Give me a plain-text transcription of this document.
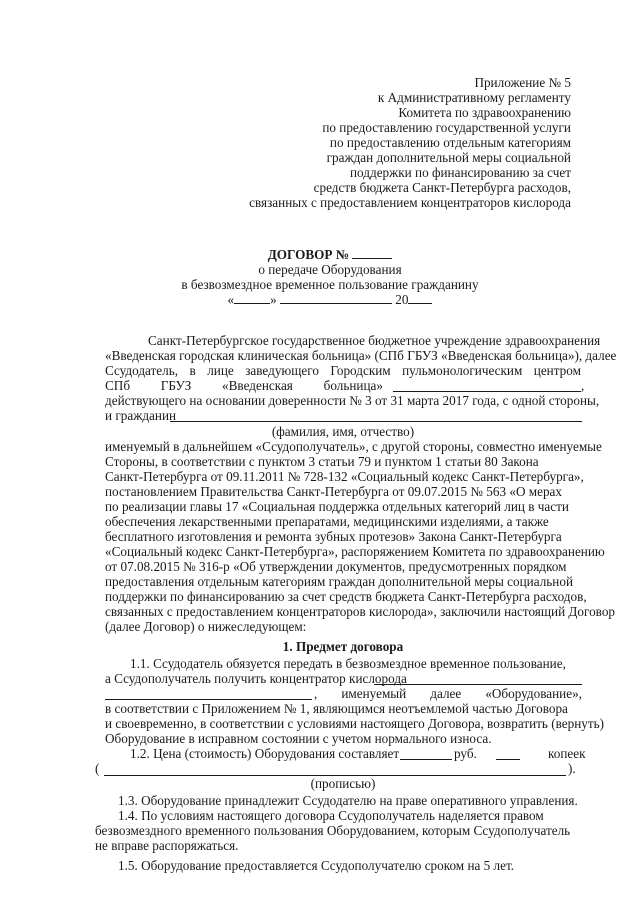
Приложение № 5
к Административному регламенту
Комитета по здравоохранению
по предоставлению государственной услуги
по предоставлению отдельным категориям
граждан дополнительной меры социальной
поддержки по финансированию за счет
средств бюджета Санкт-Петербурга расходов,
связанных с предоставлением концентраторов кислорода
ДОГОВОР №
о передаче Оборудования
в безвозмездное временное пользование гражданину
«	»	20
Санкт-Петербургское государственное бюджетное учреждение здравоохранения
«Введенская городская клиническая больница» (СПб ГБУЗ «Введенская больница»), далее
Ссудодатель, в лице заведующего Городским пульмонологическим центром
СПб ГБУЗ «Введенская больница»	,
действующего на основании доверенности № 3 от 31 марта 2017 года, с одной стороны,
и гражданин
(фамилия, имя, отчество)
именуемый в дальнейшем «Ссудополучатель», с другой стороны, совместно именуемые
Стороны, в соответствии с пунктом 3 статьи 79 и пунктом 1 статьи 80 Закона
Санкт-Петербурга от 09.11.2011 № 728-132 «Социальный кодекс Санкт-Петербурга»,
постановлением Правительства Санкт-Петербурга от 09.07.2015 № 563 «О мерах
по реализации главы 17 «Социальная поддержка отдельных категорий лиц в части
обеспечения лекарственными препаратами, медицинскими изделиями, а также
бесплатного изготовления и ремонта зубных протезов» Закона Санкт-Петербурга
«Социальный кодекс Санкт-Петербурга», распоряжением Комитета по здравоохранению
от 07.08.2015 № 316-р «Об утверждении документов, предусмотренных порядком
предоставления отдельным категориям граждан дополнительной меры социальной
поддержки по финансированию за счет средств бюджета Санкт-Петербурга расходов,
связанных с предоставлением концентраторов кислорода», заключили настоящий Договор
(далее Договор) о нижеследующем:
1. Предмет договора
1.1. Ссудодатель обязуется передать в безвозмездное временное пользование,
а Ссудополучатель получить концентратор кислорода
, именуемый далее «Оборудование»,
в соответствии с Приложением № 1, являющимся неотъемлемой частью Договора
и своевременно, в соответствии с условиями настоящего Договора, возвратить (вернуть)
Оборудование в исправном состоянии с учетом нормального износа.
1.2. Цена (стоимость) Оборудования составляет	руб.	копеек
(	).
(прописью)
1.3. Оборудование принадлежит Ссудодателю на праве оперативного управления.
1.4. По условиям настоящего договора Ссудополучатель наделяется правом
безвозмездного временного пользования Оборудованием, которым Ссудополучатель
не вправе распоряжаться.
1.5. Оборудование предоставляется Ссудополучателю сроком на 5 лет.
